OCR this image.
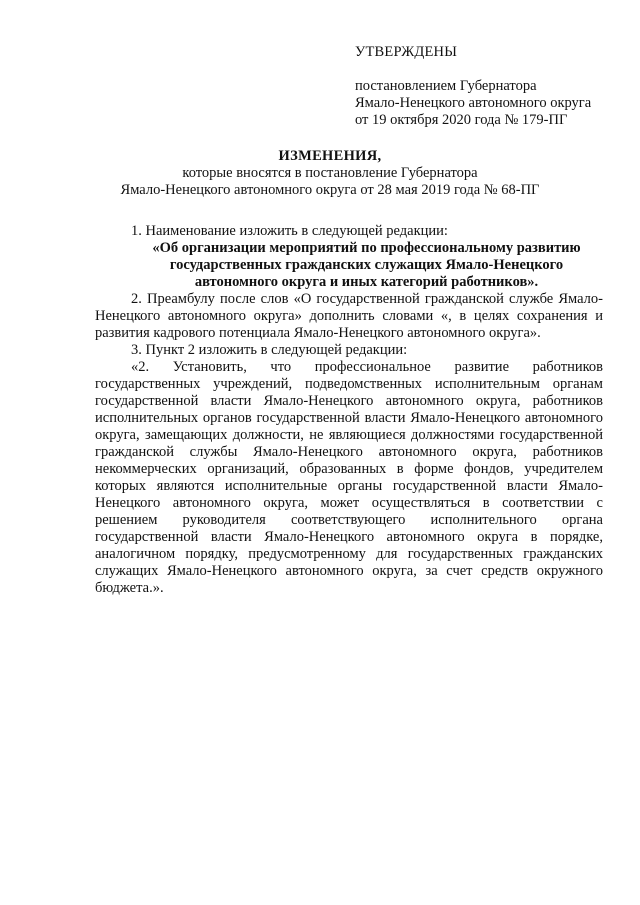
УТВЕРЖДЕНЫ
постановлением Губернатора
Ямало-Ненецкого автономного округа
от 19 октября 2020 года № 179-ПГ
ИЗМЕНЕНИЯ,
которые вносятся в постановление Губернатора
Ямало-Ненецкого автономного округа от 28 мая 2019 года № 68-ПГ

1. Наименование изложить в следующей редакции:

«Об организации мероприятий по профессиональному развитию государственных гражданских служащих Ямало-Ненецкого автономного округа и иных категорий работников».

2. Преамбулу после слов «О государственной гражданской службе Ямало-Ненецкого автономного округа» дополнить словами «, в целях сохранения и развития кадрового потенциала Ямало-Ненецкого автономного округа».

3. Пункт 2 изложить в следующей редакции:

«2. Установить, что профессиональное развитие работников государственных учреждений, подведомственных исполнительным органам государственной власти Ямало-Ненецкого автономного округа, работников исполнительных органов государственной власти Ямало-Ненецкого автономного округа, замещающих должности, не являющиеся должностями государственной гражданской службы Ямало-Ненецкого автономного округа, работников некоммерческих организаций, образованных в форме фондов, учредителем которых являются исполнительные органы государственной власти Ямало-Ненецкого автономного округа, может осуществляться в соответствии с решением руководителя соответствующего исполнительного органа государственной власти Ямало-Ненецкого автономного округа в порядке, аналогичном порядку, предусмотренному для государственных гражданских служащих Ямало-Ненецкого автономного округа, за счет средств окружного бюджета.».
